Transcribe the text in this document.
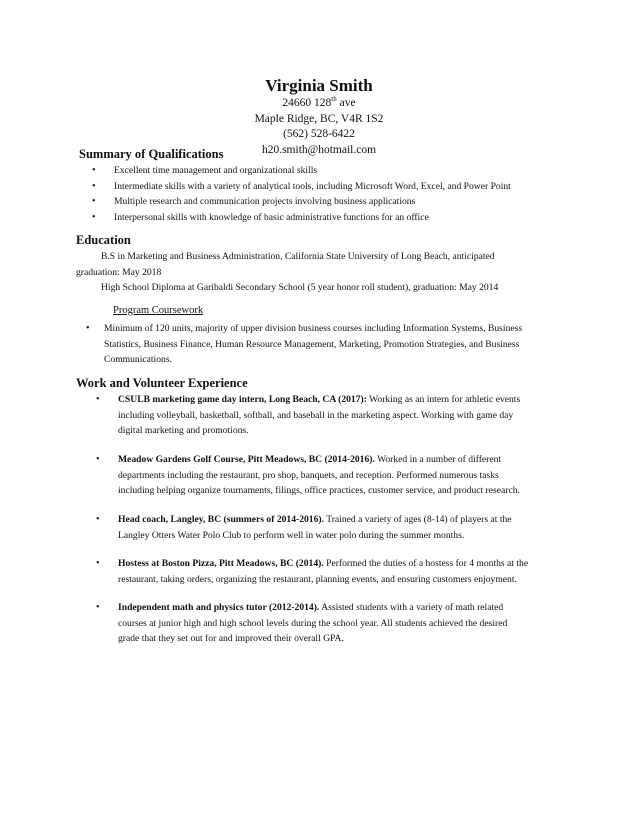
Virginia Smith
24660 128th ave
Maple Ridge, BC, V4R 1S2
(562) 528-6422
h20.smith@hotmail.com
Summary of Qualifications
• Excellent time management and organizational skills
• Intermediate skills with a variety of analytical tools, including Microsoft Word, Excel, and Power Point
• Multiple research and communication projects involving business applications
• Interpersonal skills with knowledge of basic administrative functions for an office
Education
B.S in Marketing and Business Administration, California State University of Long Beach, anticipated
graduation: May 2018
High School Diploma at Garibaldi Secondary School (5 year honor roll student), graduation: May 2014
Program Coursework
•	Minimum of 120 units, majority of upper division business courses including Information Systems, Business
Statistics, Business Finance, Human Resource Management, Marketing, Promotion Strategies, and Business
Communications.
Work and Volunteer Experience
•	CSULB marketing game day intern, Long Beach, CA (2017): Working as an intern for athletic events
including volleyball, basketball, softball, and baseball in the marketing aspect. Working with game day
digital marketing and promotions.
•	Meadow Gardens Golf Course, Pitt Meadows, BC (2014-2016). Worked in a number of different
departments including the restaurant, pro shop, banquets, and reception. Performed numerous tasks
including helping organize tournaments, filings, office practices, customer service, and product research.
•	Head coach, Langley, BC (summers of 2014-2016). Trained a variety of ages (8-14) of players at the
Langley Otters Water Polo Club to perform well in water polo during the summer months.
•	Hostess at Boston Pizza, Pitt Meadows, BC (2014). Performed the duties of a hostess for 4 months at the
restaurant, taking orders, organizing the restaurant, planning events, and ensuring customers enjoyment.
•	Independent math and physics tutor (2012-2014). Assisted students with a variety of math related
courses at junior high and high school levels during the school year. All students achieved the desired
grade that they set out for and improved their overall GPA.
